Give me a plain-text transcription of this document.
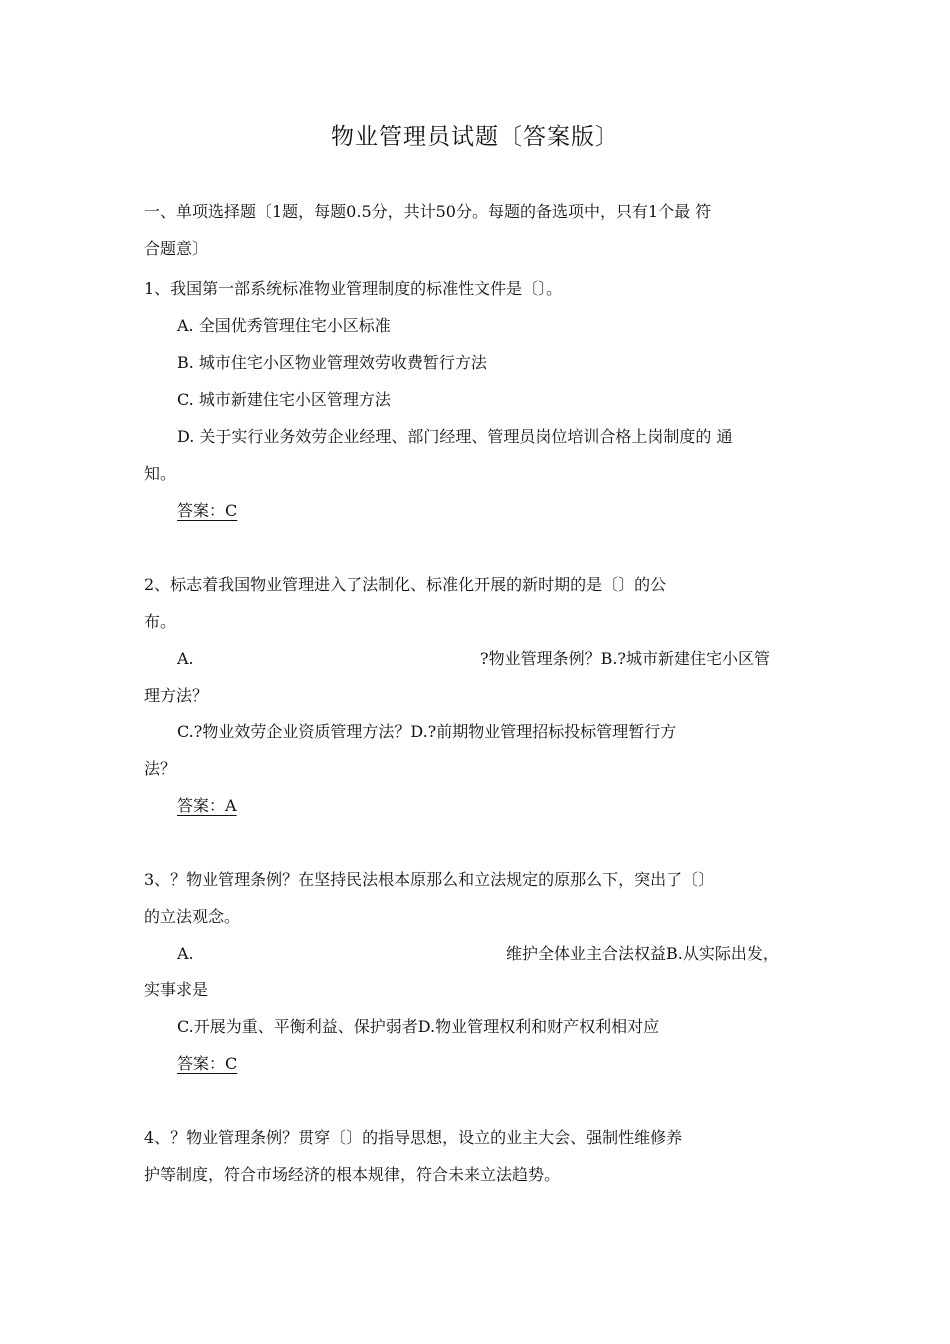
物业管理员试题〔答案版〕
一、单项选择题〔1题，每题0.5分，共计50分。每题的备选项中，只有1个最 符
合题意〕
1、我国第一部系统标准物业管理制度的标准性文件是〔〕。
A. 全国优秀管理住宅小区标准
B. 城市住宅小区物业管理效劳收费暂行方法
C. 城市新建住宅小区管理方法
D. 关于实行业务效劳企业经理、部门经理、管理员岗位培训合格上岗制度的 通
知。
答案：C
2、标志着我国物业管理进入了法制化、标准化开展的新时期的是〔〕的公
布。
A.	?物业管理条例？B.?城市新建住宅小区管
理方法？
C.?物业效劳企业资质管理方法？D.?前期物业管理招标投标管理暂行方
法？
答案：A
3、？物业管理条例？在坚持民法根本原那么和立法规定的原那么下，突出了〔〕
的立法观念。
A.	维护全体业主合法权益B.从实际出发，
实事求是
C.开展为重、平衡利益、保护弱者D.物业管理权利和财产权利相对应
答案：C
4、？物业管理条例？贯穿〔〕的指导思想，设立的业主大会、强制性维修养
护等制度，符合市场经济的根本规律，符合未来立法趋势。
